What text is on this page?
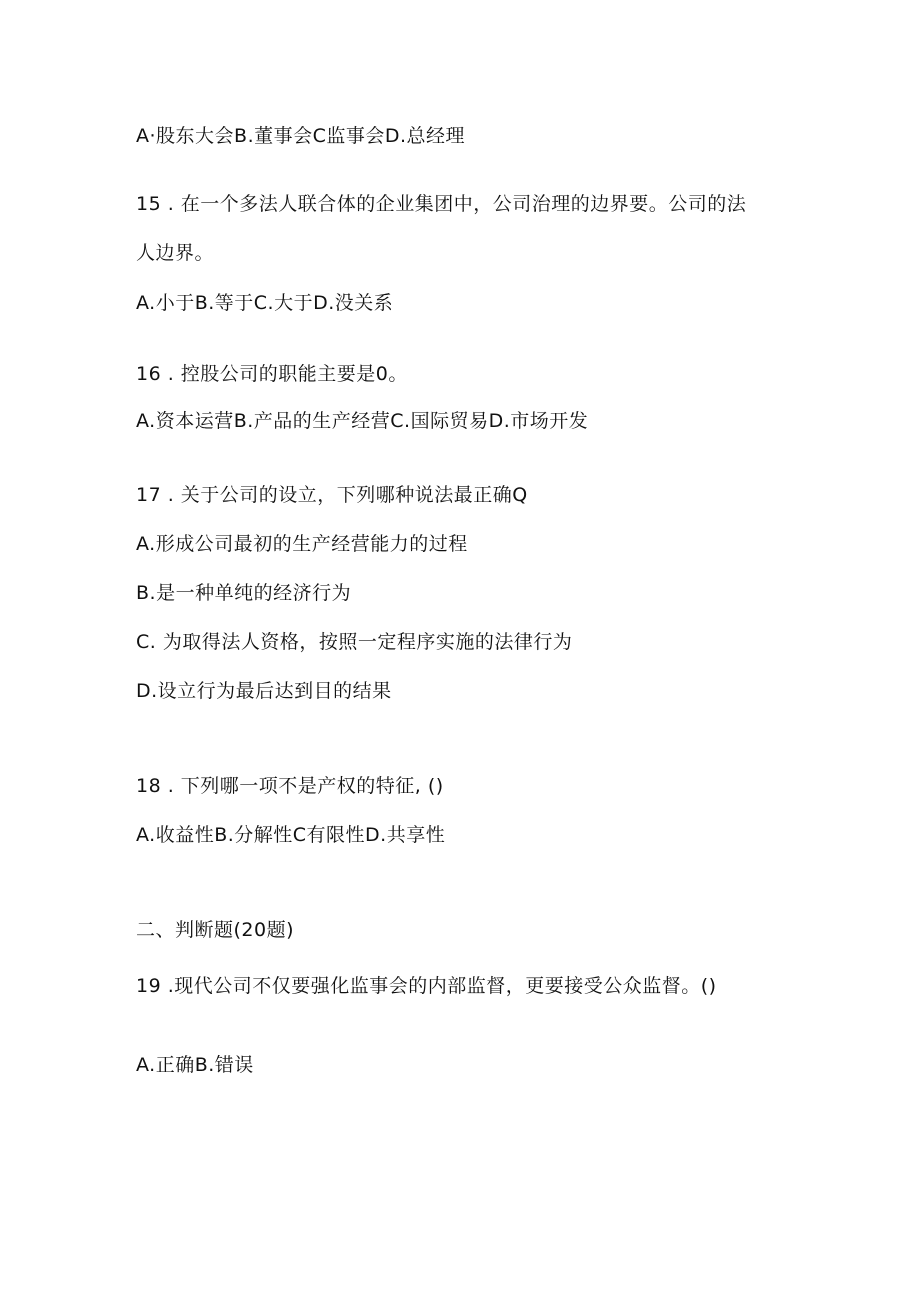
A·股东大会B.董事会C监事会D.总经理
15 . 在一个多法人联合体的企业集团中，公司治理的边界要。公司的法
人边界。
A.小于B.等于C.大于D.没关系
16 . 控股公司的职能主要是0。
A.资本运营B.产品的生产经营C.国际贸易D.市场开发
17 . 关于公司的设立，下列哪种说法最正确Q
A.形成公司最初的生产经营能力的过程
B.是一种单纯的经济行为
C. 为取得法人资格，按照一定程序实施的法律行为
D.设立行为最后达到目的结果
18 . 下列哪一项不是产权的特征, ()
A.收益性B.分解性C有限性D.共享性
二、判断题(20题)
19 .现代公司不仅要强化监事会的内部监督，更要接受公众监督。()
A.正确B.错误
